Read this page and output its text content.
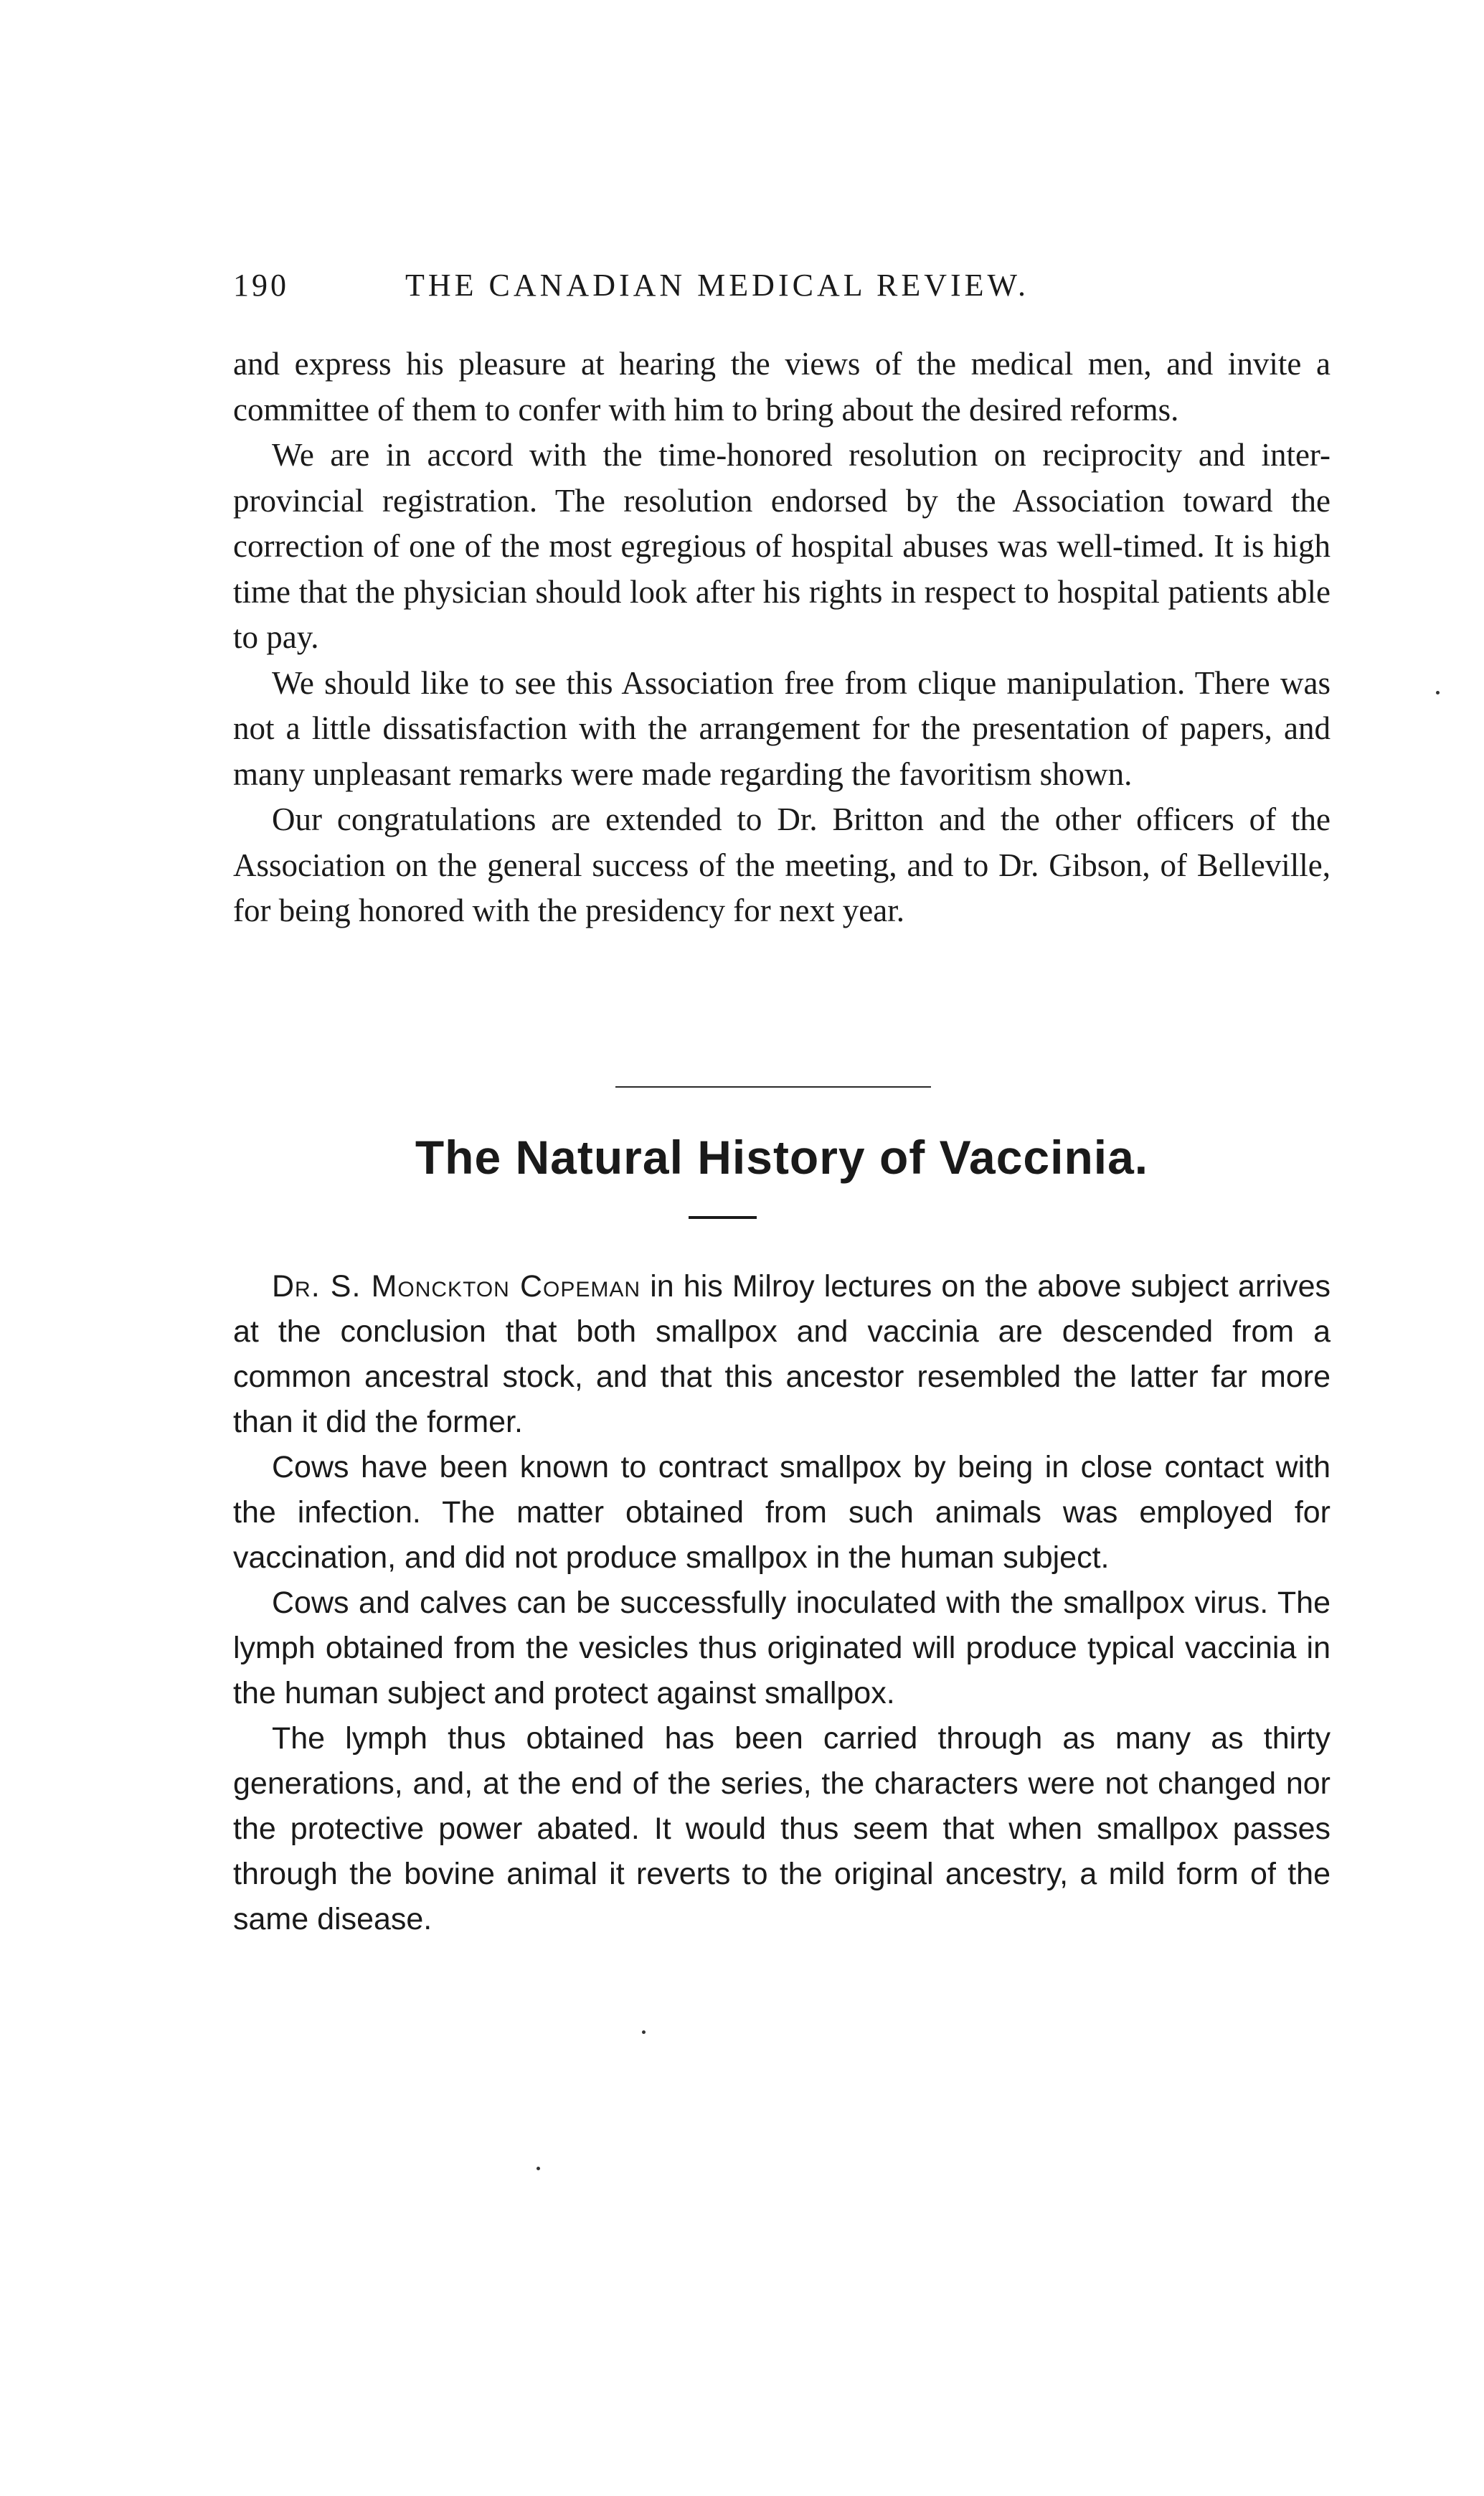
190	THE CANADIAN MEDICAL REVIEW.

and express his pleasure at hearing the views of the medical men, and invite a committee of them to confer with him to bring about the desired reforms.

We are in accord with the time-honored resolution on reciprocity and inter-provincial registration. The resolution endorsed by the Association toward the correction of one of the most egregious of hospital abuses was well-timed. It is high time that the physician should look after his rights in respect to hospital patients able to pay.

We should like to see this Association free from clique manipulation. There was not a little dissatisfaction with the arrangement for the presentation of papers, and many unpleasant remarks were made regarding the favoritism shown.

Our congratulations are extended to Dr. Britton and the other officers of the Association on the general success of the meeting, and to Dr. Gibson, of Belleville, for being honored with the presidency for next year.

The Natural History of Vaccinia.

Dr. S. Monckton Copeman in his Milroy lectures on the above subject arrives at the conclusion that both smallpox and vaccinia are descended from a common ancestral stock, and that this ancestor resembled the latter far more than it did the former.

Cows have been known to contract smallpox by being in close contact with the infection. The matter obtained from such animals was employed for vaccination, and did not produce smallpox in the human subject.

Cows and calves can be successfully inoculated with the smallpox virus. The lymph obtained from the vesicles thus originated will produce typical vaccinia in the human subject and protect against smallpox.

The lymph thus obtained has been carried through as many as thirty generations, and, at the end of the series, the characters were not changed nor the protective power abated. It would thus seem that when smallpox passes through the bovine animal it reverts to the original ancestry, a mild form of the same disease.
